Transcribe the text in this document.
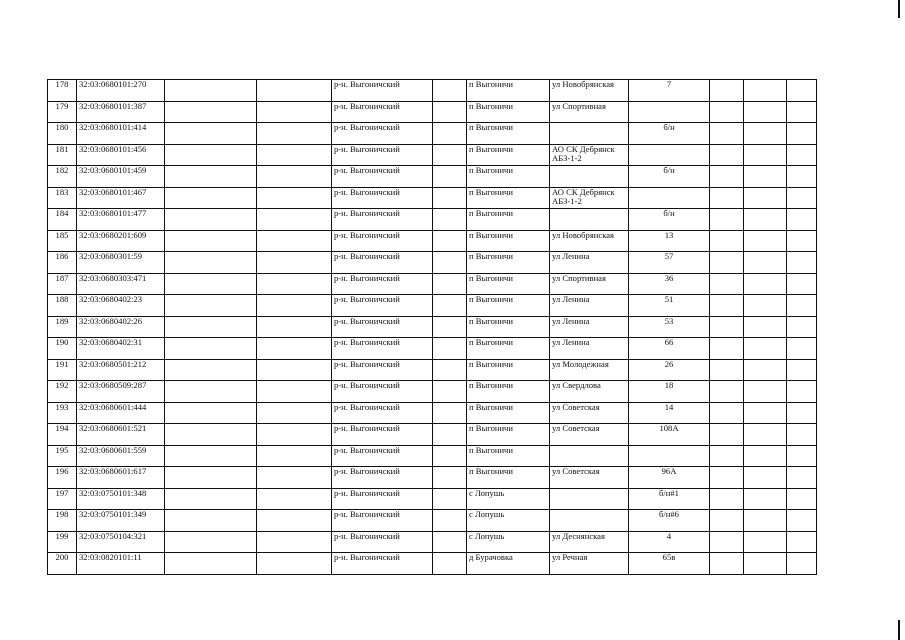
178	32:03:0680101:270			р-н. Выгоничский		п Выгоничи	ул Новобрянская	7			
179	32:03:0680101:387			р-н. Выгоничский		п Выгоничи	ул Спортивная				
180	32:03:0680101:414			р-н. Выгоничский		п Выгоничи		б/н			
181	32:03:0680101:456			р-н. Выгоничский		п Выгоничи	АО СК Дебрянск АБЗ-1-2				
182	32:03:0680101:459			р-н. Выгоничский		п Выгоничи		б/н			
183	32:03:0680101:467			р-н. Выгоничский		п Выгоничи	АО СК Дебрянск АБЗ-1-2				
184	32:03:0680101:477			р-н. Выгоничский		п Выгоничи		б/н			
185	32:03:0680201:609			р-н. Выгоничский		п Выгоничи	ул Новобрянская	13			
186	32:03:0680301:59			р-н. Выгоничский		п Выгоничи	ул Ленина	57			
187	32:03:0680303:471			р-н. Выгоничский		п Выгоничи	ул Спортивная	36			
188	32:03:0680402:23			р-н. Выгоничский		п Выгоничи	ул Ленина	51			
189	32:03:0680402:26			р-н. Выгоничский		п Выгоничи	ул Ленина	53			
190	32:03:0680402:31			р-н. Выгоничский		п Выгоничи	ул Ленина	66			
191	32:03:0680501:212			р-н. Выгоничский		п Выгоничи	ул Молодежная	26			
192	32:03:0680509:287			р-н. Выгоничский		п Выгоничи	ул Свердлова	18			
193	32:03:0680601:444			р-н. Выгоничский		п Выгоничи	ул Советская	14			
194	32:03:0680601:521			р-н. Выгоничский		п Выгоничи	ул Советская	108А			
195	32:03:0680601:559			р-н. Выгоничский		п Выгоничи					
196	32:03:0680601:617			р-н. Выгоничский		п Выгоничи	ул Советская	96А			
197	32:03:0750101:348			р-н. Выгоничский		с Лопушь		б/н#1			
198	32:03:0750101:349			р-н. Выгоничский		с Лопушь		б/н#6			
199	32:03:0750104:321			р-н. Выгоничский		с Лопушь	ул Деснянская	4			
200	32:03:0820101:11			р-н. Выгоничский		д Бурачовка	ул Речная	65в			
